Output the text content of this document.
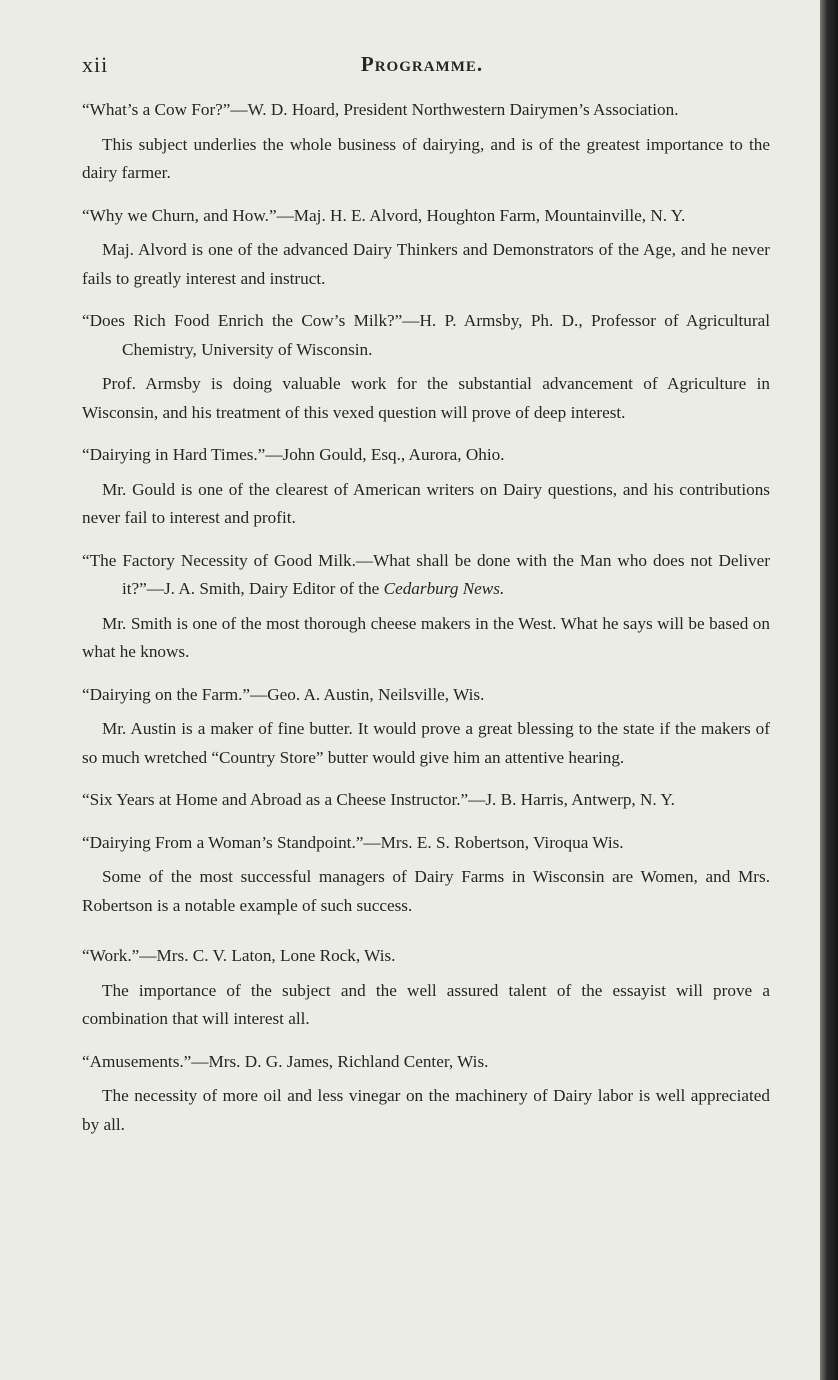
xii	Programme.

“What’s a Cow For?”—W. D. Hoard, President Northwestern Dairymen’s Association.

This subject underlies the whole business of dairying, and is of the greatest importance to the dairy farmer.

“Why we Churn, and How.”—Maj. H. E. Alvord, Houghton Farm, Mountainville, N. Y.

Maj. Alvord is one of the advanced Dairy Thinkers and Demonstrators of the Age, and he never fails to greatly interest and instruct.

“Does Rich Food Enrich the Cow’s Milk?”—H. P. Armsby, Ph. D., Professor of Agricultural Chemistry, University of Wisconsin.

Prof. Armsby is doing valuable work for the substantial advancement of Agriculture in Wisconsin, and his treatment of this vexed question will prove of deep interest.

“Dairying in Hard Times.”—John Gould, Esq., Aurora, Ohio.

Mr. Gould is one of the clearest of American writers on Dairy questions, and his contributions never fail to interest and profit.

“The Factory Necessity of Good Milk.—What shall be done with the Man who does not Deliver it?”—J. A. Smith, Dairy Editor of the Cedarburg News.

Mr. Smith is one of the most thorough cheese makers in the West. What he says will be based on what he knows.

“Dairying on the Farm.”—Geo. A. Austin, Neilsville, Wis.

Mr. Austin is a maker of fine butter. It would prove a great blessing to the state if the makers of so much wretched “Country Store” butter would give him an attentive hearing.

“Six Years at Home and Abroad as a Cheese Instructor.”—J. B. Harris, Antwerp, N. Y.

“Dairying From a Woman’s Standpoint.”—Mrs. E. S. Robertson, Viroqua Wis.

Some of the most successful managers of Dairy Farms in Wisconsin are Women, and Mrs. Robertson is a notable example of such success.

“Work.”—Mrs. C. V. Laton, Lone Rock, Wis.

The importance of the subject and the well assured talent of the essayist will prove a combination that will interest all.

“Amusements.”—Mrs. D. G. James, Richland Center, Wis.

The necessity of more oil and less vinegar on the machinery of Dairy labor is well appreciated by all.
